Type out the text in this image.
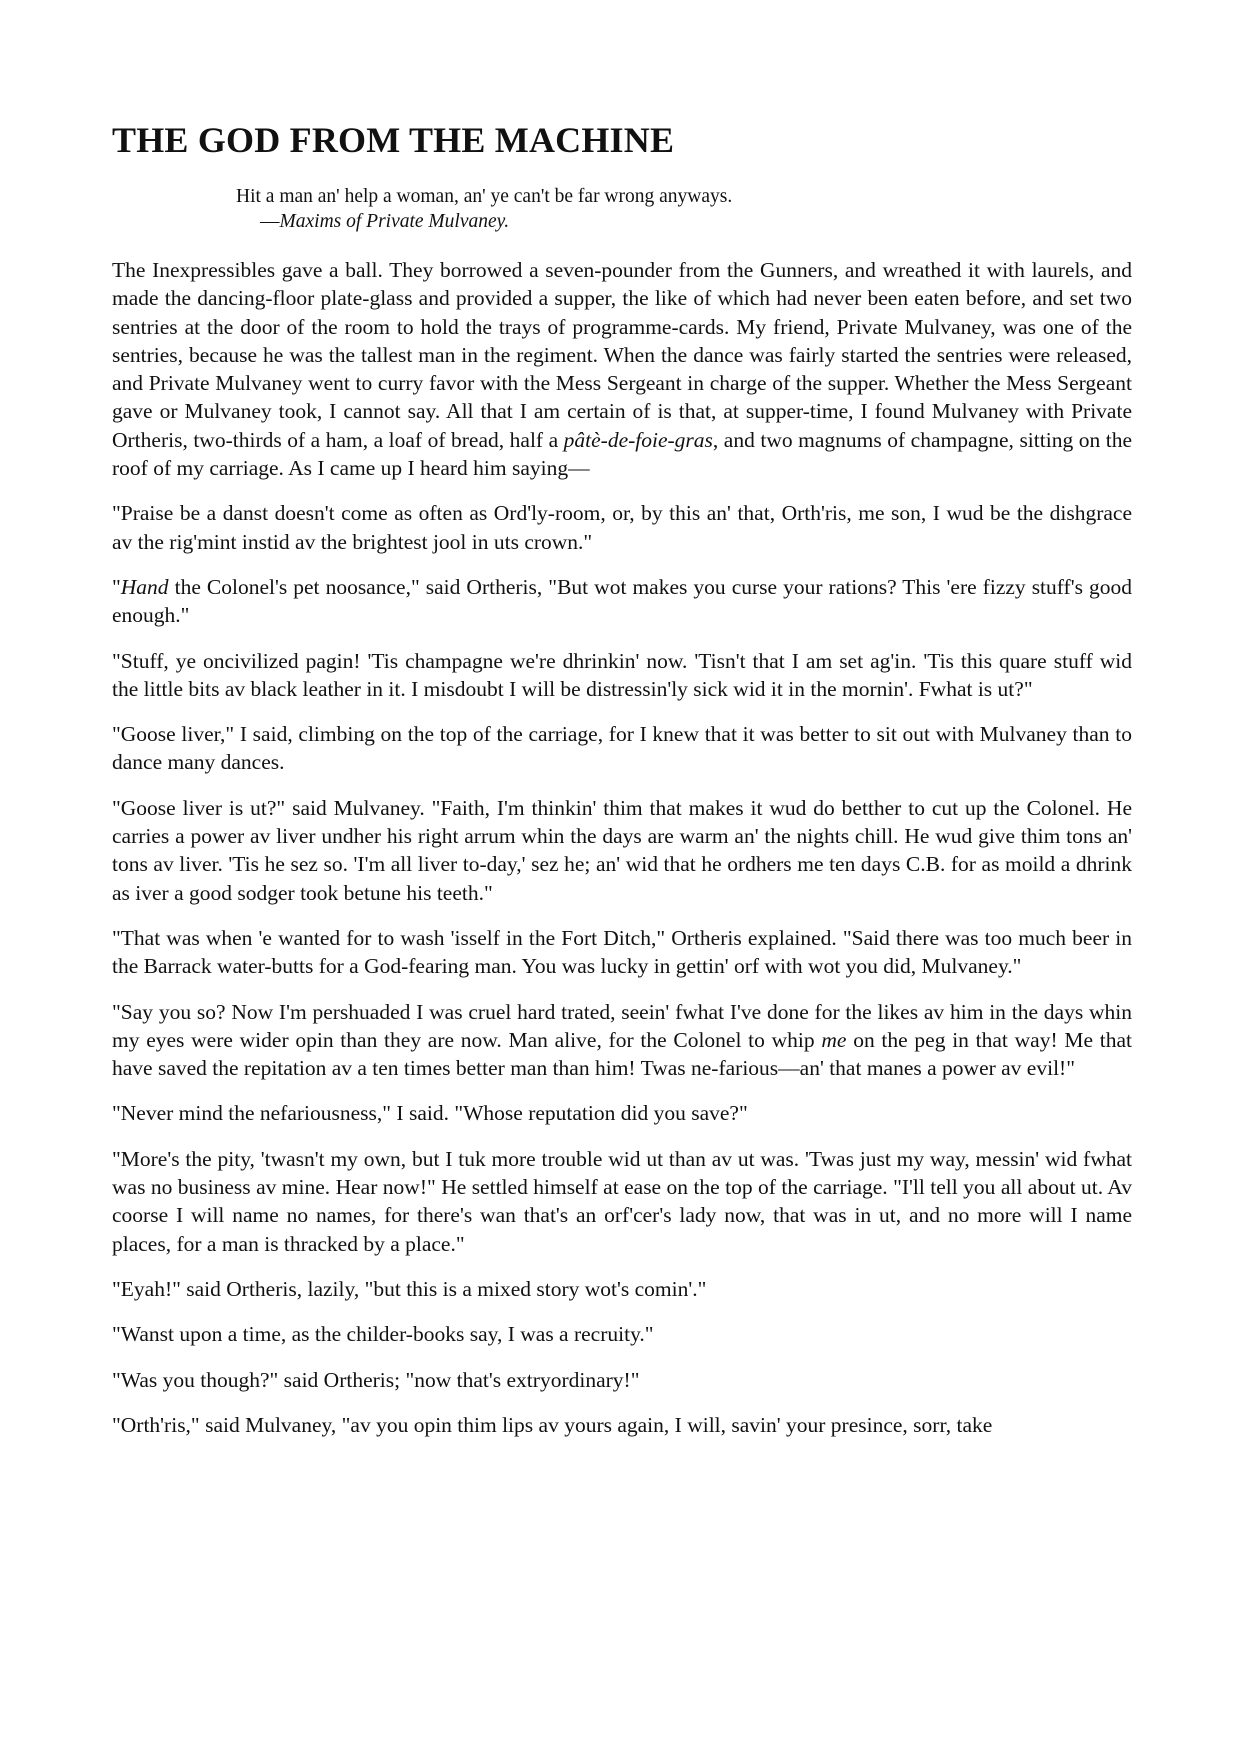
THE GOD FROM THE MACHINE
Hit a man an' help a woman, an' ye can't be far wrong anyways.
—Maxims of Private Mulvaney.

The Inexpressibles gave a ball. They borrowed a seven-pounder from the Gunners, and wreathed it with laurels, and made the dancing-floor plate-glass and provided a supper, the like of which had never been eaten before, and set two sentries at the door of the room to hold the trays of programme-cards. My friend, Private Mulvaney, was one of the sentries, because he was the tallest man in the regiment. When the dance was fairly started the sentries were released, and Private Mulvaney went to curry favor with the Mess Sergeant in charge of the supper. Whether the Mess Sergeant gave or Mulvaney took, I cannot say. All that I am certain of is that, at supper-time, I found Mulvaney with Private Ortheris, two-thirds of a ham, a loaf of bread, half a pâtè-de-foie-gras, and two magnums of champagne, sitting on the roof of my carriage. As I came up I heard him saying—

"Praise be a danst doesn't come as often as Ord'ly-room, or, by this an' that, Orth'ris, me son, I wud be the dishgrace av the rig'mint instid av the brightest jool in uts crown."

"Hand the Colonel's pet noosance," said Ortheris, "But wot makes you curse your rations? This 'ere fizzy stuff's good enough."

"Stuff, ye oncivilized pagin! 'Tis champagne we're dhrinkin' now. 'Tisn't that I am set ag'in. 'Tis this quare stuff wid the little bits av black leather in it. I misdoubt I will be distressin'ly sick wid it in the mornin'. Fwhat is ut?"

"Goose liver," I said, climbing on the top of the carriage, for I knew that it was better to sit out with Mulvaney than to dance many dances.

"Goose liver is ut?" said Mulvaney. "Faith, I'm thinkin' thim that makes it wud do betther to cut up the Colonel. He carries a power av liver undher his right arrum whin the days are warm an' the nights chill. He wud give thim tons an' tons av liver. 'Tis he sez so. 'I'm all liver to-day,' sez he; an' wid that he ordhers me ten days C.B. for as moild a dhrink as iver a good sodger took betune his teeth."

"That was when 'e wanted for to wash 'isself in the Fort Ditch," Ortheris explained. "Said there was too much beer in the Barrack water-butts for a God-fearing man. You was lucky in gettin' orf with wot you did, Mulvaney."

"Say you so? Now I'm pershuaded I was cruel hard trated, seein' fwhat I've done for the likes av him in the days whin my eyes were wider opin than they are now. Man alive, for the Colonel to whip me on the peg in that way! Me that have saved the repitation av a ten times better man than him! Twas ne-farious—an' that manes a power av evil!"

"Never mind the nefariousness," I said. "Whose reputation did you save?"

"More's the pity, 'twasn't my own, but I tuk more trouble wid ut than av ut was. 'Twas just my way, messin' wid fwhat was no business av mine. Hear now!" He settled himself at ease on the top of the carriage. "I'll tell you all about ut. Av coorse I will name no names, for there's wan that's an orf'cer's lady now, that was in ut, and no more will I name places, for a man is thracked by a place."

"Eyah!" said Ortheris, lazily, "but this is a mixed story wot's comin'."

"Wanst upon a time, as the childer-books say, I was a recruity."

"Was you though?" said Ortheris; "now that's extryordinary!"

"Orth'ris," said Mulvaney, "av you opin thim lips av yours again, I will, savin' your presince, sorr, take
